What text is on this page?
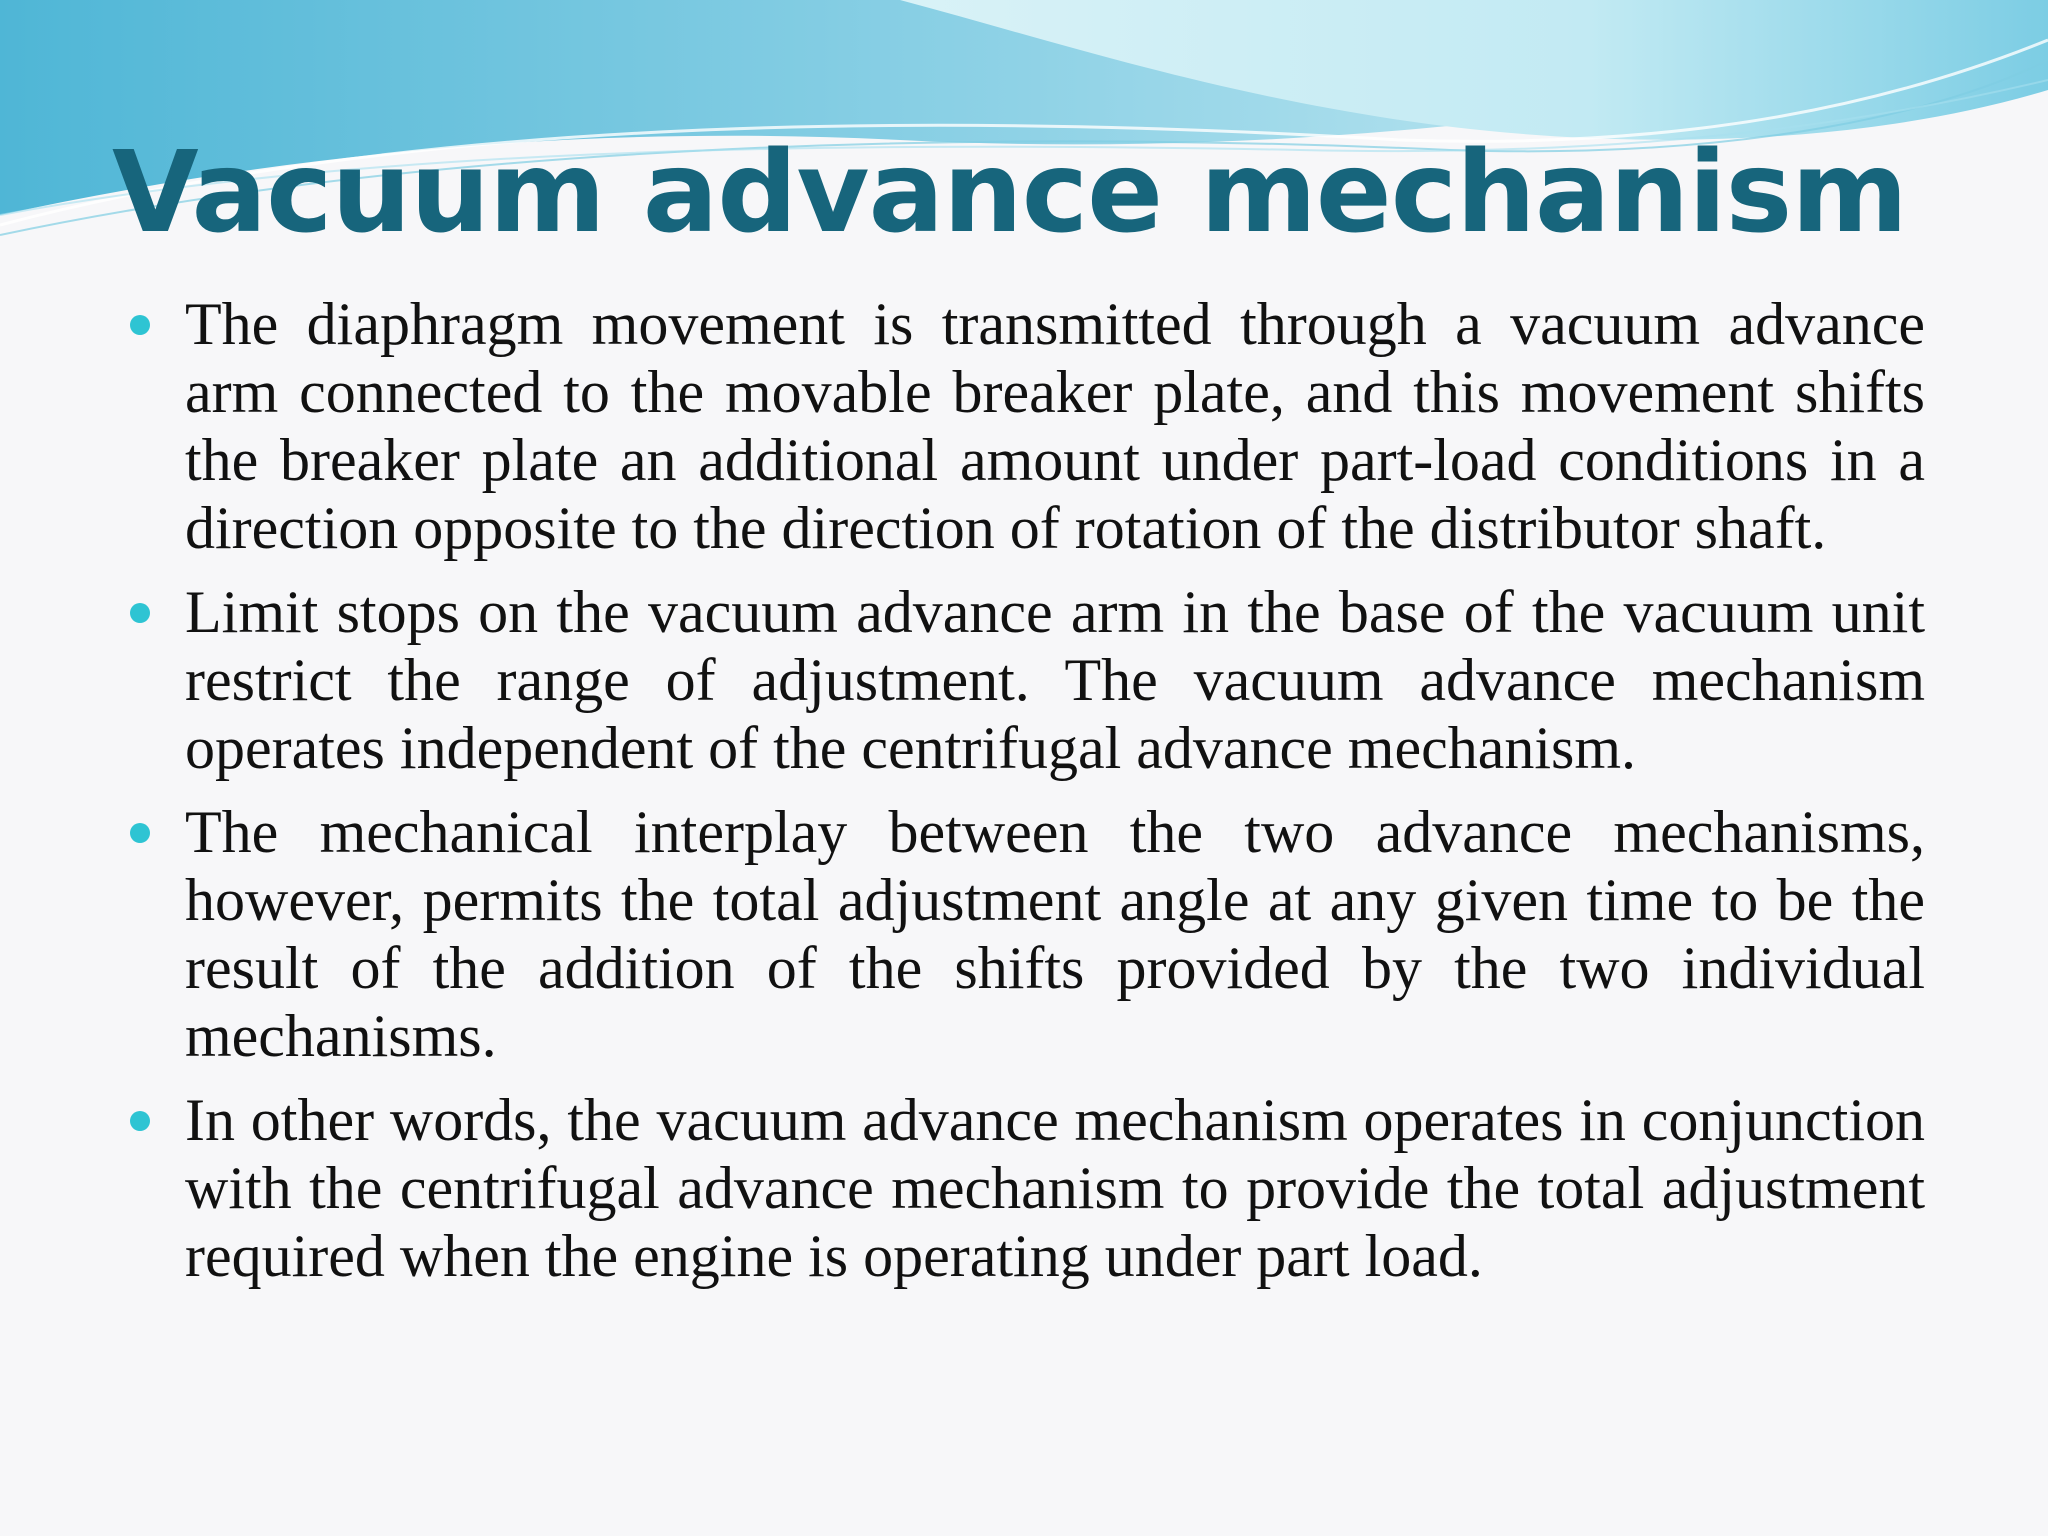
Vacuum advance mechanism
The diaphragm movement is transmitted through a vacuum advance arm connected to the movable breaker plate, and this movement shifts the breaker plate an additional amount under part-load conditions in a direction opposite to the direction of rotation of the distributor shaft.
Limit stops on the vacuum advance arm in the base of the vacuum unit restrict the range of adjustment. The vacuum advance mechanism operates independent of the centrifugal advance mechanism.
The mechanical interplay between the two advance mechanisms, however, permits the total adjustment angle at any given time to be the result of the addition of the shifts provided by the two individual mechanisms.
In other words, the vacuum advance mechanism operates in conjunction with the centrifugal advance mechanism to provide the total adjustment required when the engine is operating under part load.
